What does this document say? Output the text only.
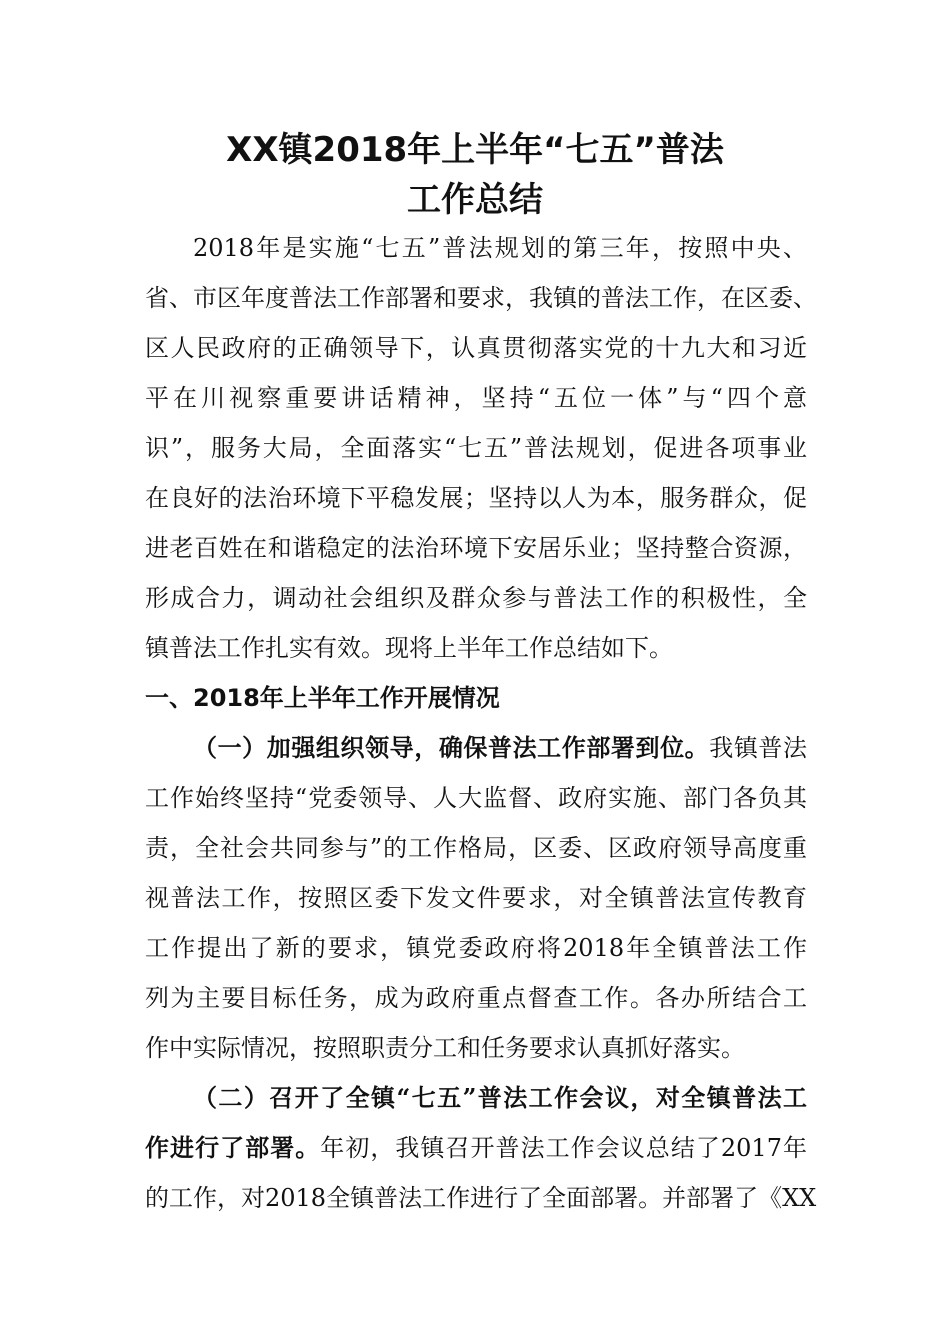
XX镇2018年上半年“七五”普法
工作总结
2018年是实施“七五”普法规划的第三年，按照中央、
省、市区年度普法工作部署和要求，我镇的普法工作，在区委、
区人民政府的正确领导下，认真贯彻落实党的十九大和习近
平在川视察重要讲话精神，坚持“五位一体”与“四个意
识”，服务大局，全面落实“七五”普法规划，促进各项事业
在良好的法治环境下平稳发展；坚持以人为本，服务群众，促
进老百姓在和谐稳定的法治环境下安居乐业；坚持整合资源，
形成合力，调动社会组织及群众参与普法工作的积极性，全
镇普法工作扎实有效。现将上半年工作总结如下。
一、2018年上半年工作开展情况
（一）加强组织领导，确保普法工作部署到位。我镇普法
工作始终坚持“党委领导、人大监督、政府实施、部门各负其
责，全社会共同参与”的工作格局，区委、区政府领导高度重
视普法工作，按照区委下发文件要求，对全镇普法宣传教育
工作提出了新的要求，镇党委政府将2018年全镇普法工作
列为主要目标任务，成为政府重点督查工作。各办所结合工
作中实际情况，按照职责分工和任务要求认真抓好落实。
（二）召开了全镇“七五”普法工作会议，对全镇普法工
作进行了部署。年初，我镇召开普法工作会议总结了2017年
的工作，对2018全镇普法工作进行了全面部署。并部署了《XX
